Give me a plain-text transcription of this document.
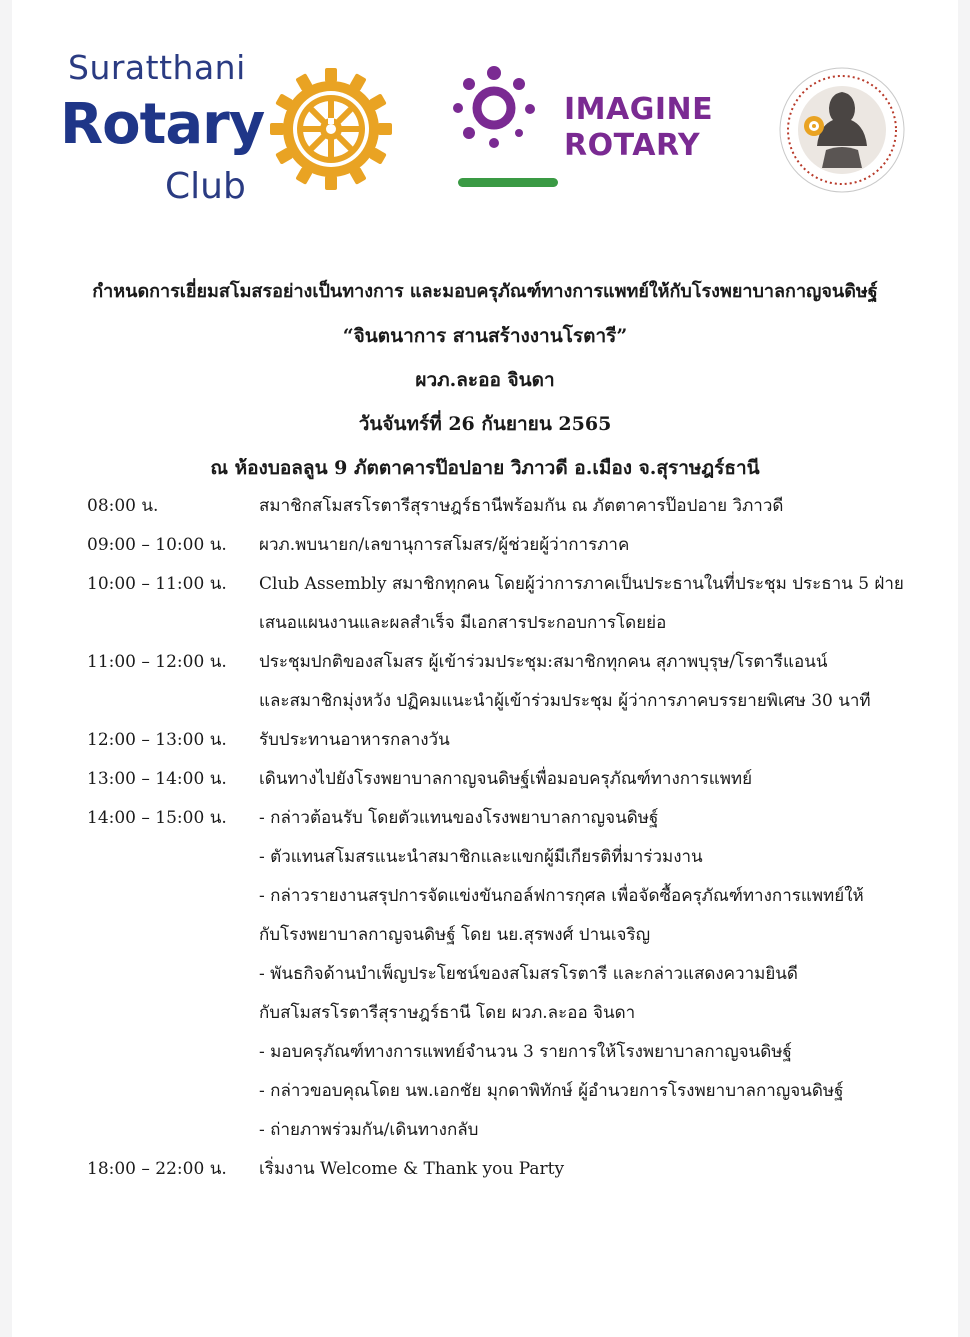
Suratthani
Rotary
Club
IMAGINE
ROTARY
กำหนดการเยี่ยมสโมสรอย่างเป็นทางการ และมอบครุภัณฑ์ทางการแพทย์ให้กับโรงพยาบาลกาญจนดิษฐ์
“จินตนาการ สานสร้างงานโรตารี”
ผวภ.ละออ จินดา
วันจันทร์ที่ 26 กันยายน 2565
ณ ห้องบอลลูน 9 ภัตตาคารป๊อปอาย วิภาวดี อ.เมือง จ.สุราษฎร์ธานี
08:00 น.	สมาชิกสโมสรโรตารีสุราษฎร์ธานีพร้อมกัน ณ ภัตตาคารป๊อปอาย วิภาวดี
09:00 – 10:00 น.	ผวภ.พบนายก/เลขานุการสโมสร/ผู้ช่วยผู้ว่าการภาค
10:00 – 11:00 น.	Club Assembly สมาชิกทุกคน โดยผู้ว่าการภาคเป็นประธานในที่ประชุม ประธาน 5 ฝ่าย
เสนอแผนงานและผลสำเร็จ มีเอกสารประกอบการโดยย่อ
11:00 – 12:00 น.	ประชุมปกติของสโมสร ผู้เข้าร่วมประชุม:สมาชิกทุกคน สุภาพบุรุษ/โรตารีแอนน์
และสมาชิกมุ่งหวัง ปฏิคมแนะนำผู้เข้าร่วมประชุม ผู้ว่าการภาคบรรยายพิเศษ 30 นาที
12:00 – 13:00 น.	รับประทานอาหารกลางวัน
13:00 – 14:00 น.	เดินทางไปยังโรงพยาบาลกาญจนดิษฐ์เพื่อมอบครุภัณฑ์ทางการแพทย์
14:00 – 15:00 น.	- กล่าวต้อนรับ โดยตัวแทนของโรงพยาบาลกาญจนดิษฐ์
- ตัวแทนสโมสรแนะนำสมาชิกและแขกผู้มีเกียรติที่มาร่วมงาน
- กล่าวรายงานสรุปการจัดแข่งขันกอล์ฟการกุศล เพื่อจัดซื้อครุภัณฑ์ทางการแพทย์ให้
กับโรงพยาบาลกาญจนดิษฐ์ โดย นย.สุรพงศ์ ปานเจริญ
- พันธกิจด้านบำเพ็ญประโยชน์ของสโมสรโรตารี และกล่าวแสดงความยินดี
กับสโมสรโรตารีสุราษฎร์ธานี โดย ผวภ.ละออ จินดา
- มอบครุภัณฑ์ทางการแพทย์จำนวน 3 รายการให้โรงพยาบาลกาญจนดิษฐ์
- กล่าวขอบคุณโดย นพ.เอกชัย มุกดาพิทักษ์ ผู้อำนวยการโรงพยาบาลกาญจนดิษฐ์
- ถ่ายภาพร่วมกัน/เดินทางกลับ
18:00 – 22:00 น.	เริ่มงาน Welcome & Thank you Party
